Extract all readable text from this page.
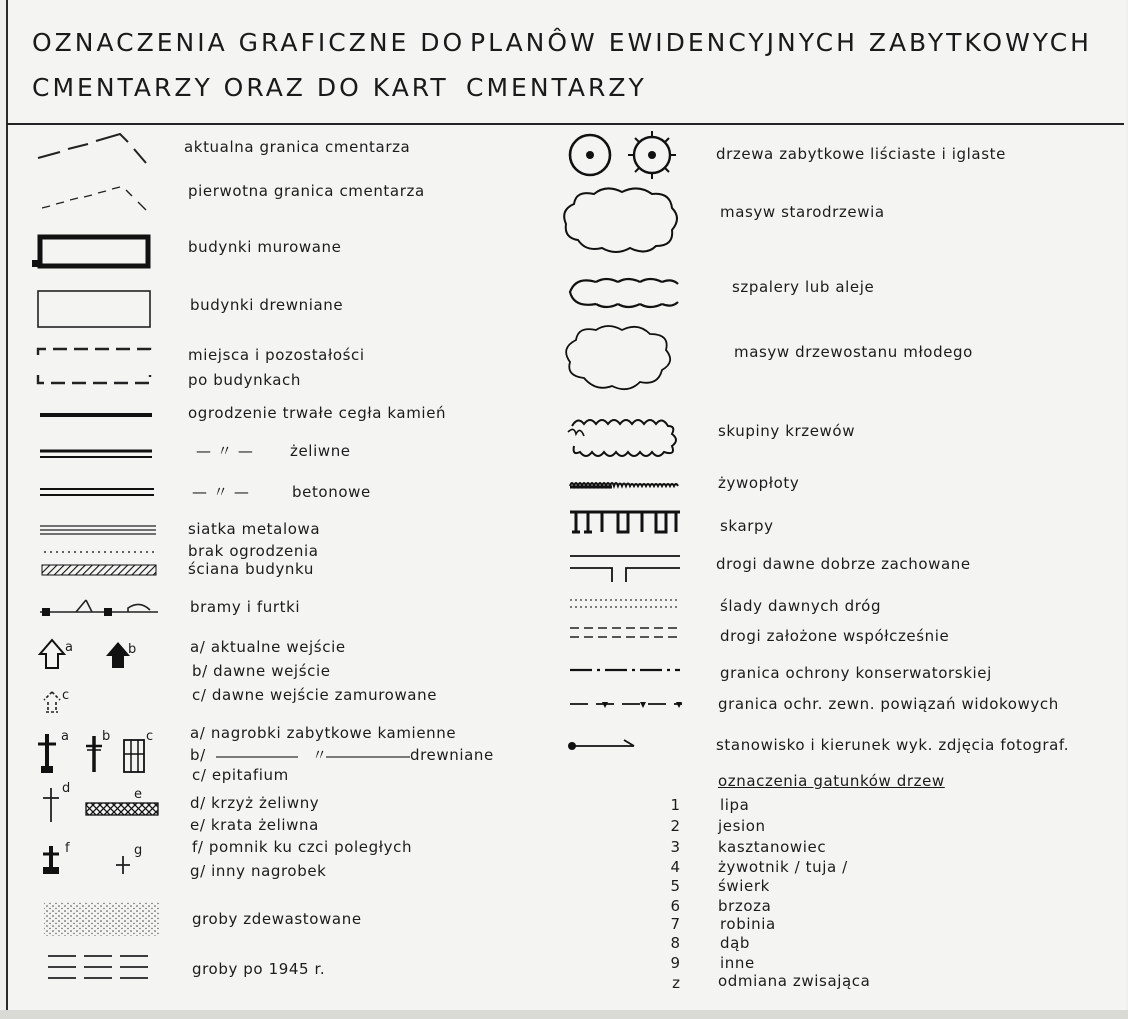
OZNACZENIA GRAFICZNE DO PLANÔW EWIDENCYJNYCH ZABYTKOWYCH
CMENTARZY ORAZ DO KART CMENTARZY
a	b
c
a b	c
d	e
f	g
aktualna granica cmentarza
pierwotna granica cmentarza
budynki murowane
budynki drewniane
miejsca i pozostałości
po budynkach
ogrodzenie trwałe cegła kamień
— 〃 — żeliwne
— 〃 —	betonowe
siatka metalowa
brak ogrodzenia
ściana budynku
bramy i furtki
a/ aktualne wejście
b/ dawne wejście
c/ dawne wejście zamurowane
a/ nagrobki zabytkowe kamienne
b/	〃	drewniane
c/ epitafium
d/ krzyż żeliwny
e/ krata żeliwna
f/ pomnik ku czci poległych
g/ inny nagrobek
groby zdewastowane
groby po 1945 r.
drzewa zabytkowe liściaste i iglaste
masyw starodrzewia
szpalery lub aleje
masyw drzewostanu młodego
skupiny krzewów
żywopłoty
skarpy
drogi dawne dobrze zachowane
ślady dawnych dróg
drogi założone współcześnie
granica ochrony konserwatorskiej
granica ochr. zewn. powiązań widokowych
stanowisko i kierunek wyk. zdjęcia fotograf.
oznaczenia gatunków drzew
1	lipa
2	jesion
3	kasztanowiec
4	żywotnik / tuja /
5	świerk
6	brzoza
7	robinia
8	dąb
9	inne
z	odmiana zwisająca
